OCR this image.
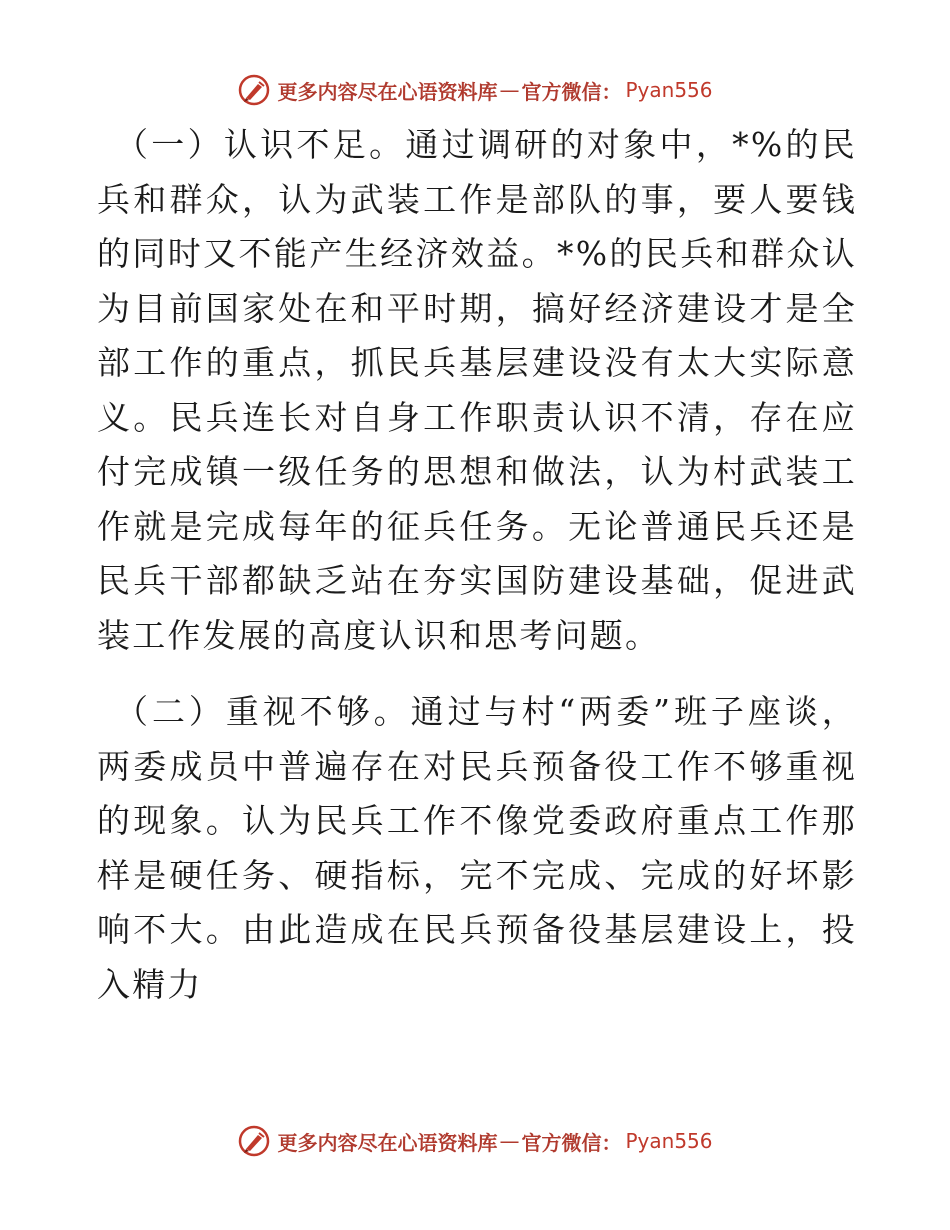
更多内容尽在心语资料库 — 官方微信： Pyan556

（一）认识不足。通过调研的对象中，*%的民兵和群众，认为武装工作是部队的事，要人要钱的同时又不能产生经济效益。*%的民兵和群众认为目前国家处在和平时期，搞好经济建设才是全部工作的重点，抓民兵基层建设没有太大实际意义。民兵连长对自身工作职责认识不清，存在应付完成镇一级任务的思想和做法，认为村武装工作就是完成每年的征兵任务。无论普通民兵还是民兵干部都缺乏站在夯实国防建设基础，促进武装工作发展的高度认识和思考问题。

（二）重视不够。通过与村“两委”班子座谈，两委成员中普遍存在对民兵预备役工作不够重视的现象。认为民兵工作不像党委政府重点工作那样是硬任务、硬指标，完不完成、完成的好坏影响不大。由此造成在民兵预备役基层建设上，投入精力

更多内容尽在心语资料库 — 官方微信： Pyan556
